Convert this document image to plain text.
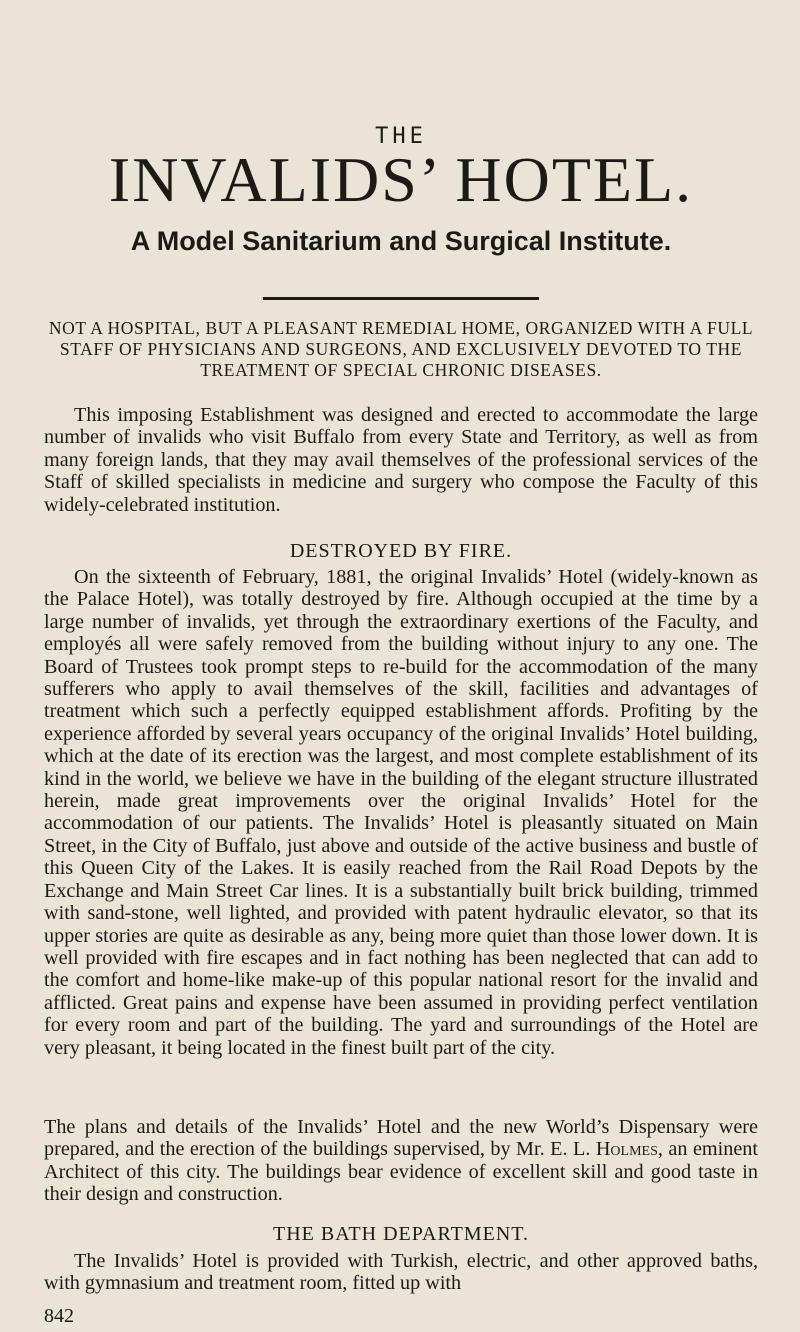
THE
INVALIDS’ HOTEL.
A Model Sanitarium and Surgical Institute.

NOT A HOSPITAL, BUT A PLEASANT REMEDIAL HOME, ORGANIZED WITH A FULL STAFF OF PHYSICIANS AND SURGEONS, AND EXCLUSIVELY DEVOTED TO THE TREATMENT OF SPECIAL CHRONIC DISEASES.

This imposing Establishment was designed and erected to accommodate the large number of invalids who visit Buffalo from every State and Territory, as well as from many foreign lands, that they may avail themselves of the professional services of the Staff of skilled specialists in medicine and surgery who compose the Faculty of this widely-celebrated institution.

DESTROYED BY FIRE.

On the sixteenth of February, 1881, the original Invalids’ Hotel (widely-known as the Palace Hotel), was totally destroyed by fire. Although occupied at the time by a large number of invalids, yet through the extraordinary exertions of the Faculty, and employés all were safely removed from the building without injury to any one. The Board of Trustees took prompt steps to re-build for the accommodation of the many sufferers who apply to avail themselves of the skill, facilities and advantages of treatment which such a perfectly equipped establishment affords. Profiting by the experience afforded by several years occupancy of the original Invalids’ Hotel building, which at the date of its erection was the largest, and most complete establishment of its kind in the world, we believe we have in the building of the elegant structure illustrated herein, made great improvements over the original Invalids’ Hotel for the accommodation of our patients. The Invalids’ Hotel is pleasantly situated on Main Street, in the City of Buffalo, just above and outside of the active business and bustle of this Queen City of the Lakes. It is easily reached from the Rail Road Depots by the Exchange and Main Street Car lines. It is a substantially built brick building, trimmed with sand-stone, well lighted, and provided with patent hydraulic elevator, so that its upper stories are quite as desirable as any, being more quiet than those lower down. It is well provided with fire escapes and in fact nothing has been neglected that can add to the comfort and home-like make-up of this popular national resort for the invalid and afflicted. Great pains and expense have been assumed in providing perfect ventilation for every room and part of the building. The yard and surroundings of the Hotel are very pleasant, it being located in the finest built part of the city.

The plans and details of the Invalids’ Hotel and the new World’s Dispensary were prepared, and the erection of the buildings supervised, by Mr. E. L. Holmes, an eminent Architect of this city. The buildings bear evidence of excellent skill and good taste in their design and construction.

THE BATH DEPARTMENT.

The Invalids’ Hotel is provided with Turkish, electric, and other approved baths, with gymnasium and treatment room, fitted up with

842
